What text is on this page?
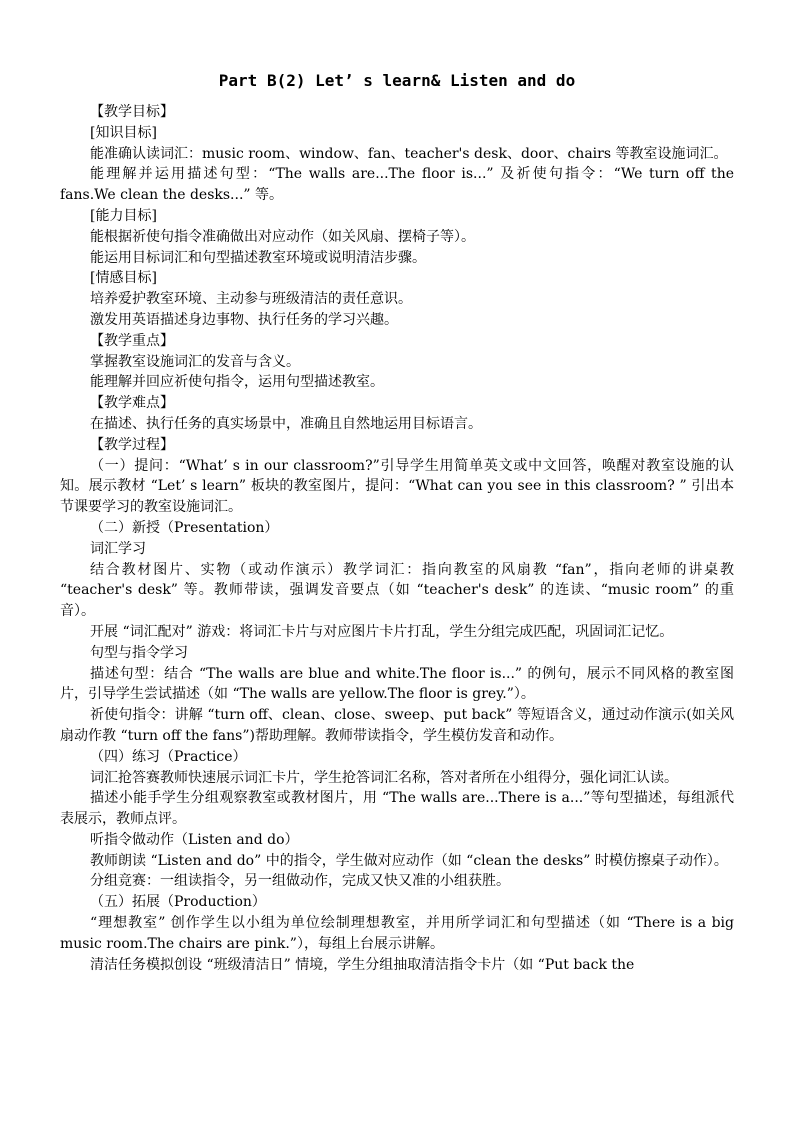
Part B(2) Let’ s learn& Listen and do
【教学目标】
[知识目标]
能准确认读词汇：music room、window、fan、teacher's desk、door、chairs 等教室设施词汇。
能理解并运用描述句型：“The walls are...The floor is...” 及祈使句指令：“We turn off the fans.We clean the desks...” 等。
[能力目标]
能根据祈使句指令准确做出对应动作（如关风扇、摆椅子等）。
能运用目标词汇和句型描述教室环境或说明清洁步骤。
[情感目标]
培养爱护教室环境、主动参与班级清洁的责任意识。
激发用英语描述身边事物、执行任务的学习兴趣。
【教学重点】
掌握教室设施词汇的发音与含义。
能理解并回应祈使句指令，运用句型描述教室。
【教学难点】
在描述、执行任务的真实场景中，准确且自然地运用目标语言。
【教学过程】
（一）提问：“What’ s in our classroom?”引导学生用简单英文或中文回答，唤醒对教室设施的认知。展示教材 “Let’ s learn” 板块的教室图片，提问：“What can you see in this classroom? ” 引出本节课要学习的教室设施词汇。
（二）新授（Presentation）
词汇学习
结合教材图片、实物（或动作演示）教学词汇：指向教室的风扇教 “fan”，指向老师的讲桌教 “teacher's desk” 等。教师带读，强调发音要点（如 “teacher's desk” 的连读、“music room” 的重音）。
开展 “词汇配对” 游戏：将词汇卡片与对应图片卡片打乱，学生分组完成匹配，巩固词汇记忆。
句型与指令学习
描述句型：结合 “The walls are blue and white.The floor is...” 的例句，展示不同风格的教室图片，引导学生尝试描述（如 “The walls are yellow.The floor is grey.”）。
祈使句指令：讲解 “turn off、clean、close、sweep、put back” 等短语含义，通过动作演示(如关风扇动作教 “turn off the fans”)帮助理解。教师带读指令，学生模仿发音和动作。
（四）练习（Practice）
词汇抢答赛教师快速展示词汇卡片，学生抢答词汇名称，答对者所在小组得分，强化词汇认读。
描述小能手学生分组观察教室或教材图片，用 “The walls are...There is a...”等句型描述，每组派代表展示，教师点评。
听指令做动作（Listen and do）
教师朗读 “Listen and do” 中的指令，学生做对应动作（如 “clean the desks” 时模仿擦桌子动作）。
分组竞赛：一组读指令，另一组做动作，完成又快又准的小组获胜。
（五）拓展（Production）
“理想教室” 创作学生以小组为单位绘制理想教室，并用所学词汇和句型描述（如 “There is a big music room.The chairs are pink.”），每组上台展示讲解。
清洁任务模拟创设 “班级清洁日” 情境，学生分组抽取清洁指令卡片（如 “Put back the
